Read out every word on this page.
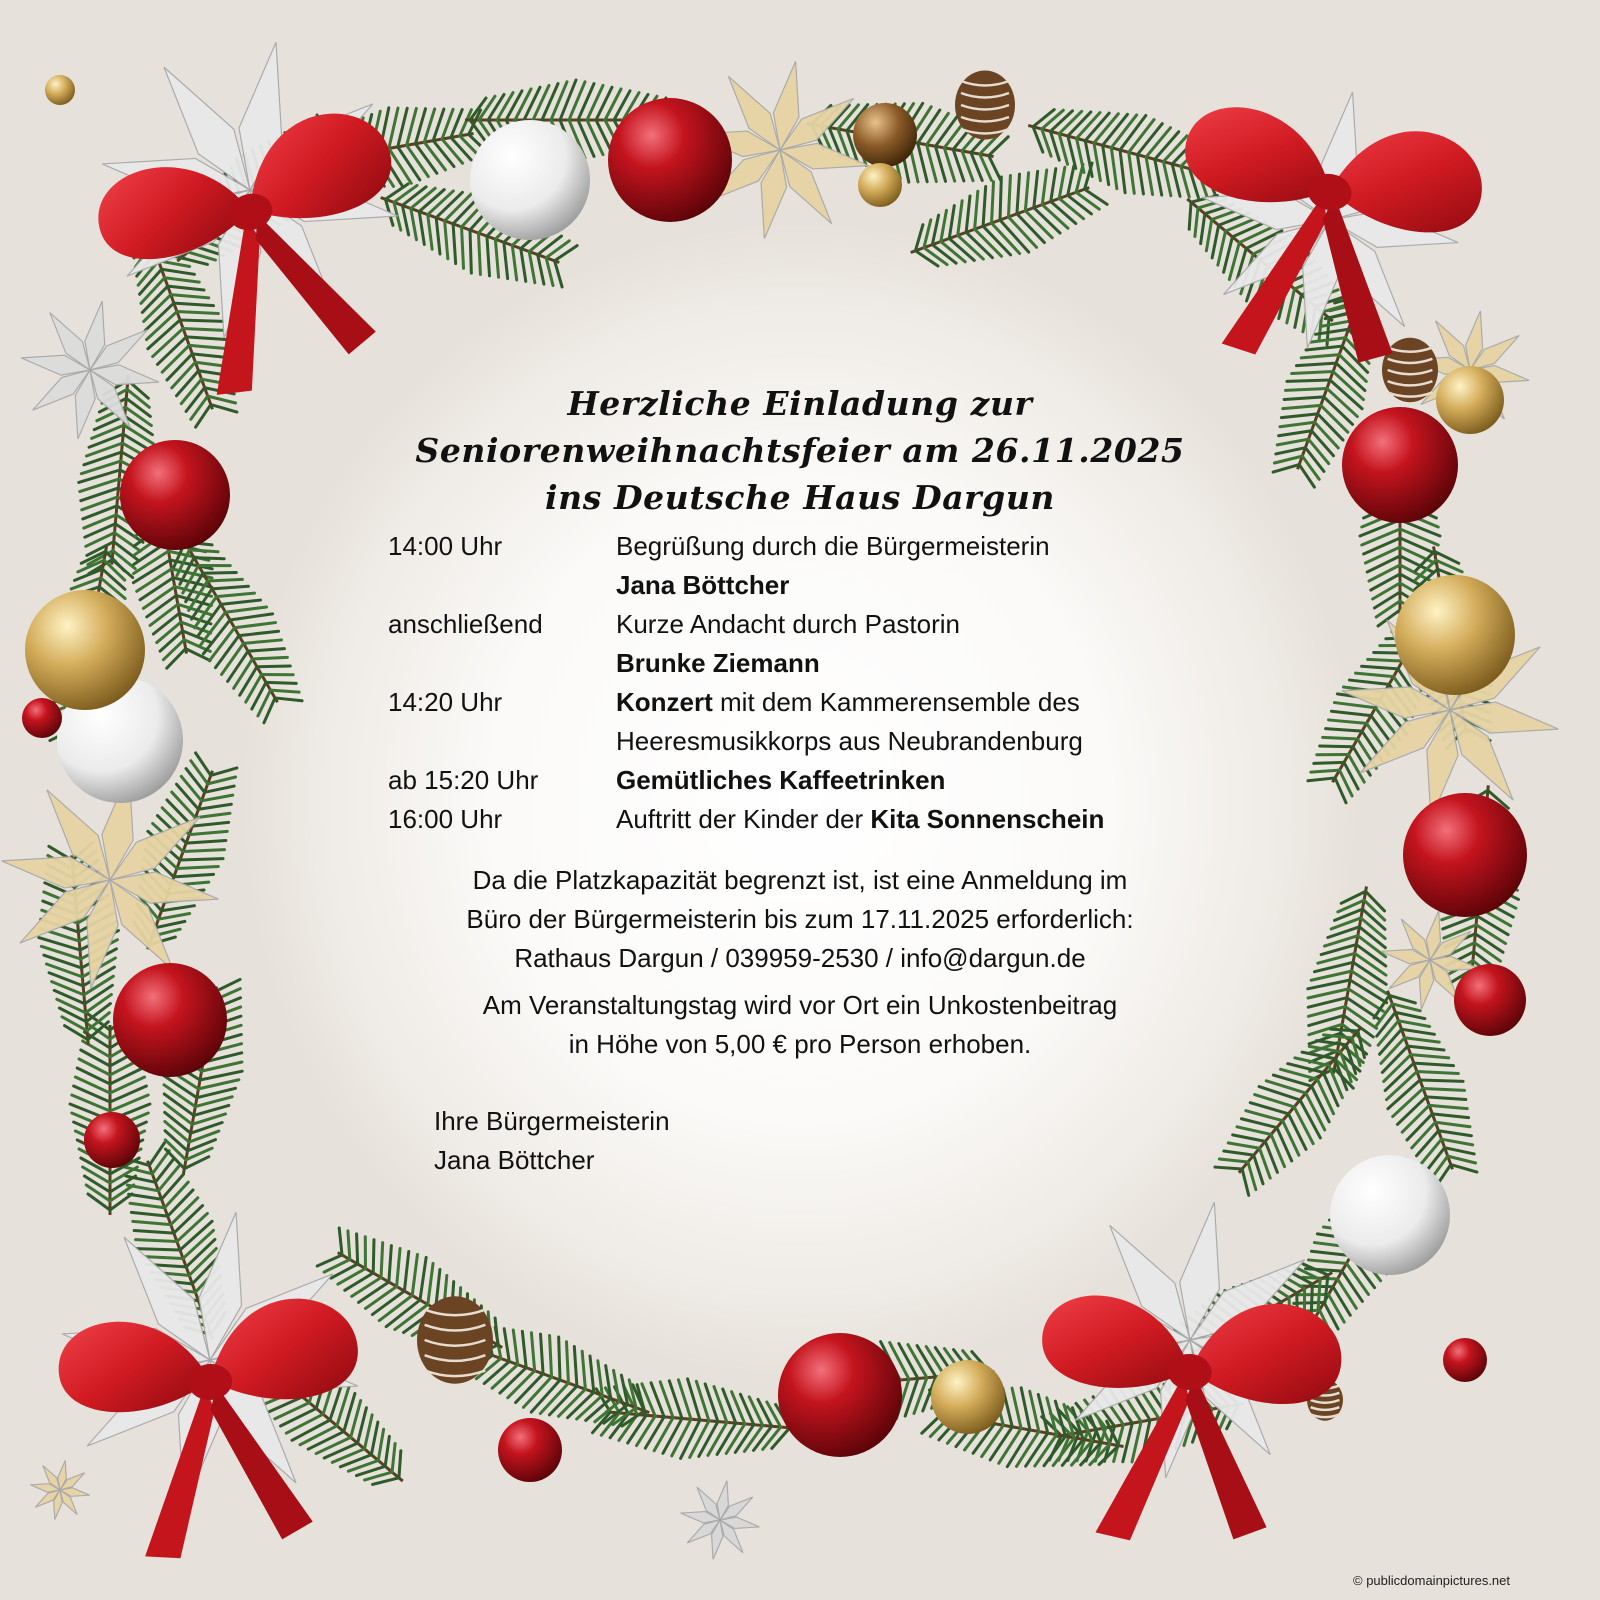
Herzliche Einladung zur
Seniorenweihnachtsfeier am 26.11.2025
ins Deutsche Haus Dargun
14:00 Uhr	Begrüßung durch die Bürgermeisterin
Jana Böttcher
anschließend	Kurze Andacht durch Pastorin
Brunke Ziemann
14:20 Uhr	Konzert mit dem Kammerensemble des
Heeresmusikkorps aus Neubrandenburg
ab 15:20 Uhr	Gemütliches Kaffeetrinken
16:00 Uhr	Auftritt der Kinder der Kita Sonnenschein
Da die Platzkapazität begrenzt ist, ist eine Anmeldung im
Büro der Bürgermeisterin bis zum 17.11.2025 erforderlich:
Rathaus Dargun / 039959-2530 / info@dargun.de
Am Veranstaltungstag wird vor Ort ein Unkostenbeitrag
in Höhe von 5,00 € pro Person erhoben.
Ihre Bürgermeisterin
Jana Böttcher
© publicdomainpictures.net
